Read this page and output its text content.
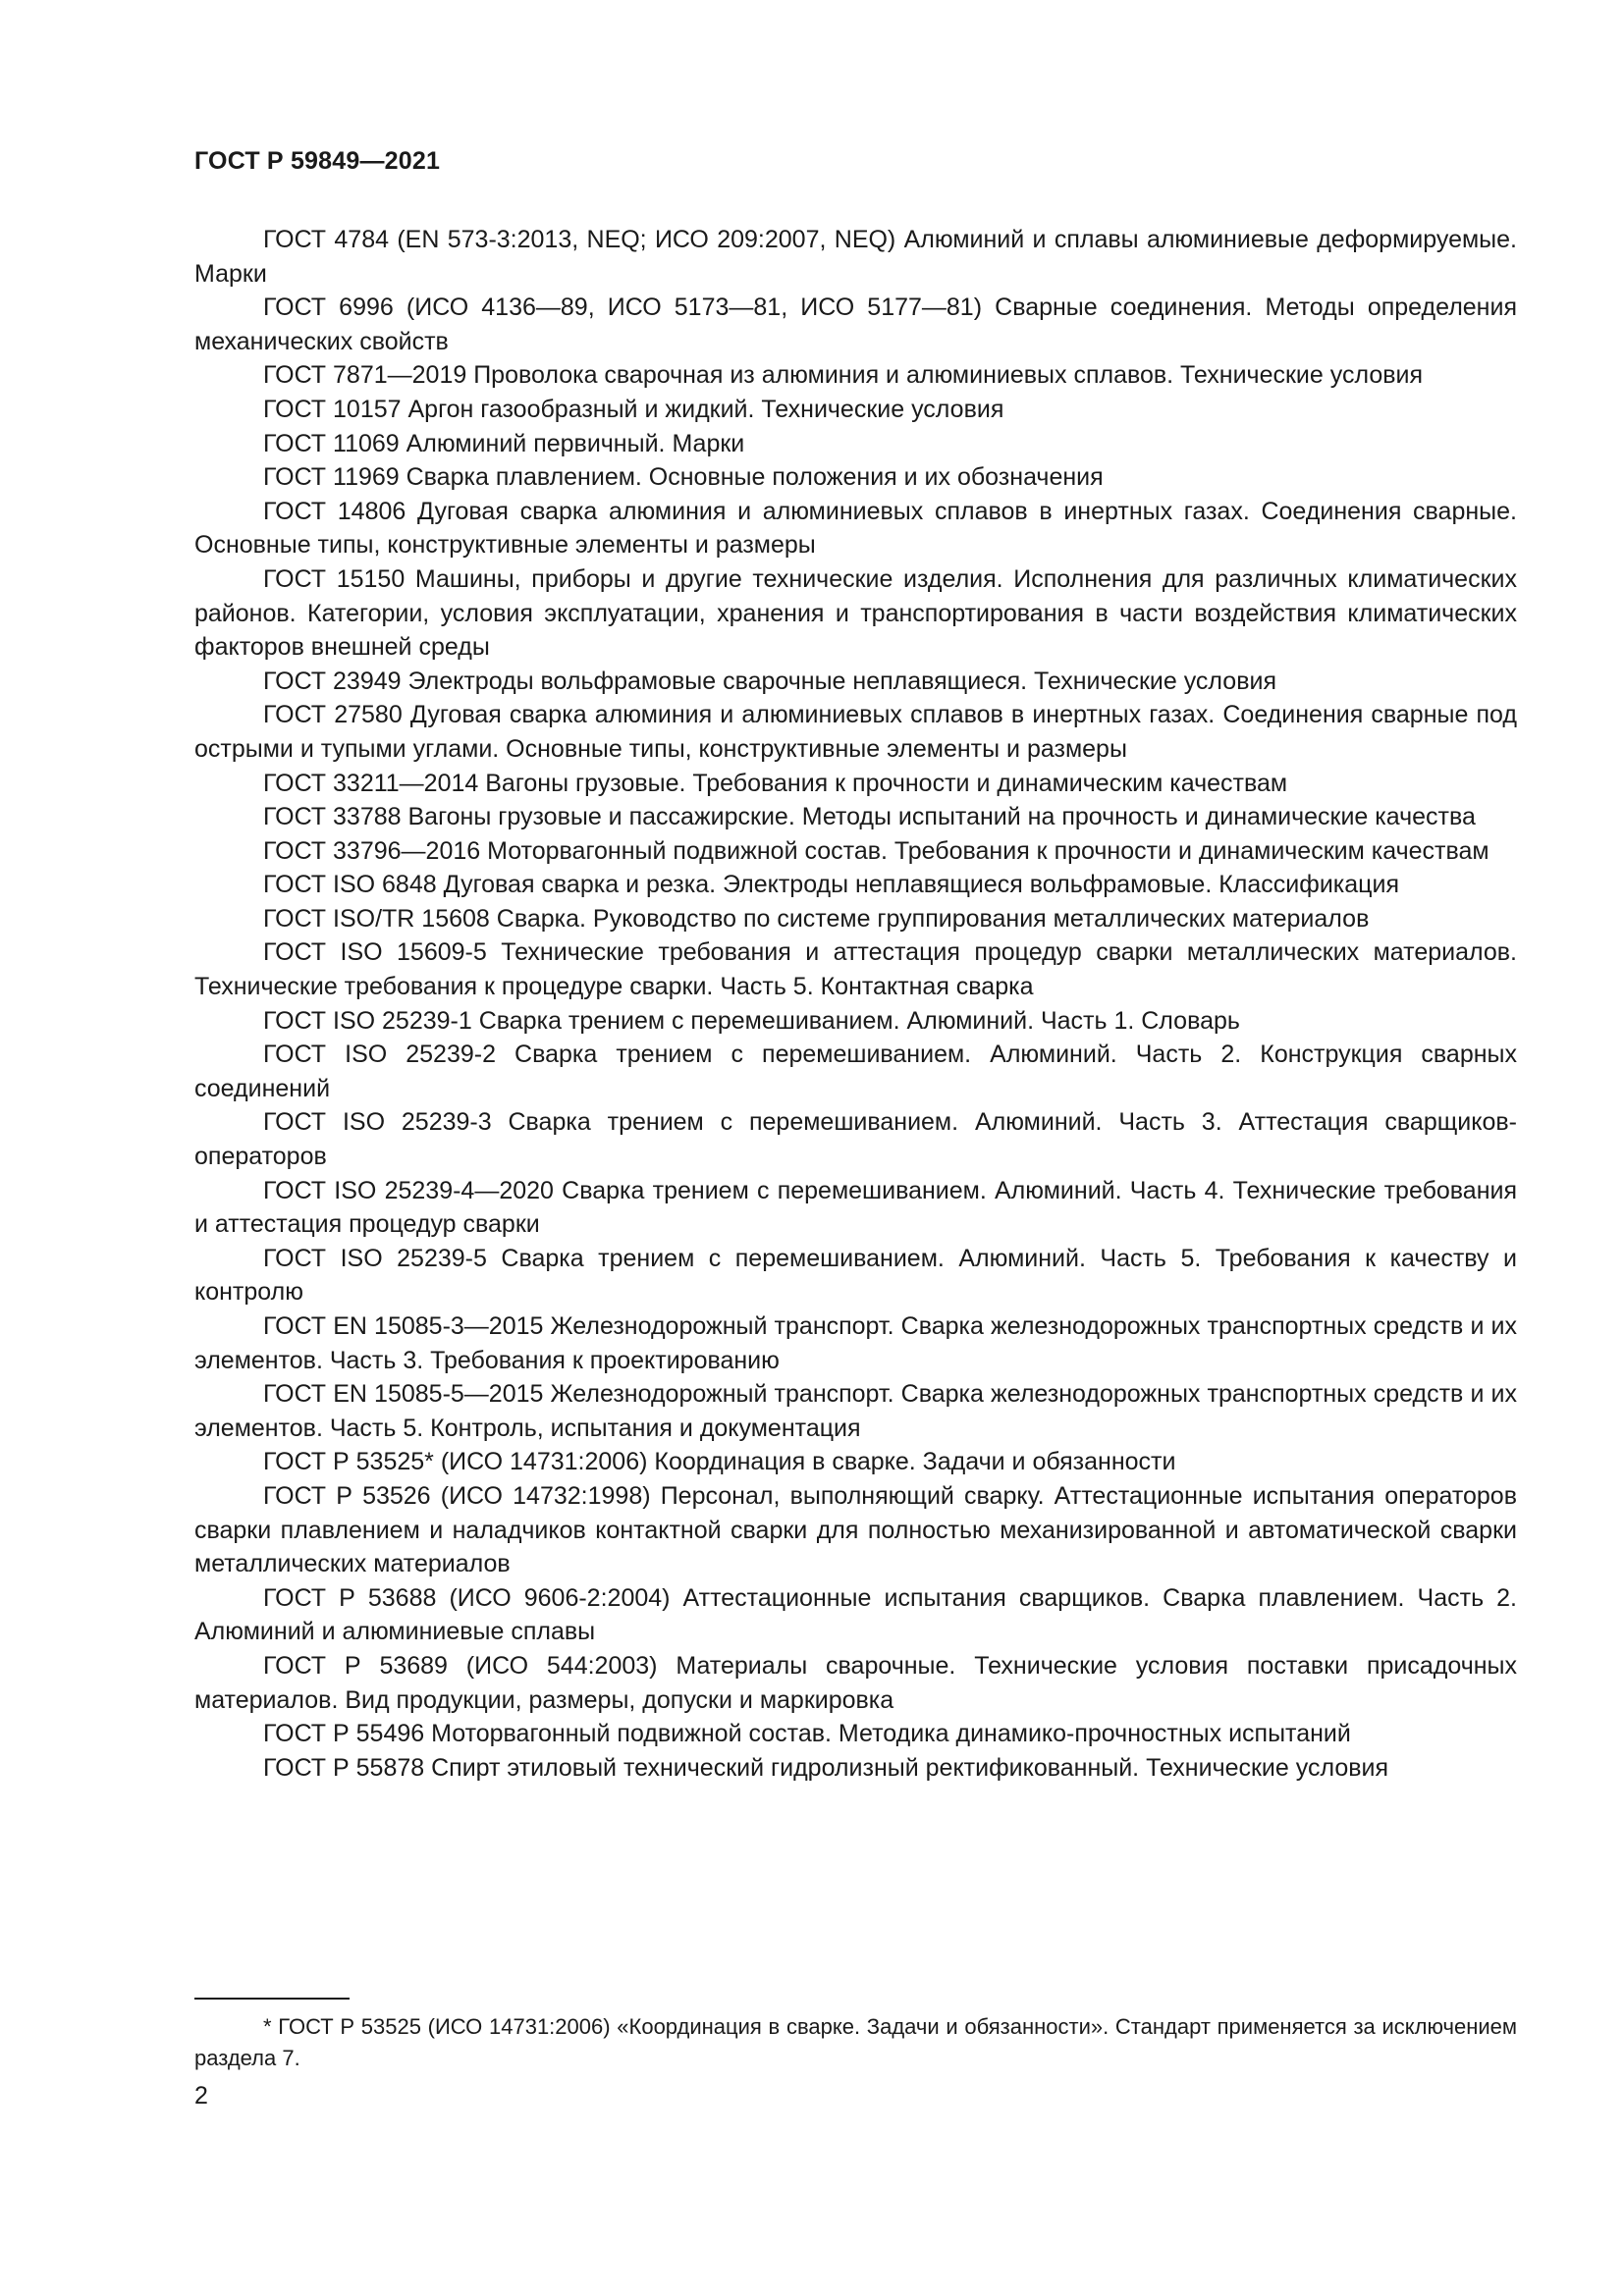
ГОСТ Р 59849—2021

ГОСТ 4784 (EN 573-3:2013, NEQ; ИСО 209:2007, NEQ) Алюминий и сплавы алюминиевые деформируемые. Марки

ГОСТ 6996 (ИСО 4136—89, ИСО 5173—81, ИСО 5177—81) Сварные соединения. Методы определения механических свойств

ГОСТ 7871—2019 Проволока сварочная из алюминия и алюминиевых сплавов. Технические условия

ГОСТ 10157 Аргон газообразный и жидкий. Технические условия

ГОСТ 11069 Алюминий первичный. Марки

ГОСТ 11969 Сварка плавлением. Основные положения и их обозначения

ГОСТ 14806 Дуговая сварка алюминия и алюминиевых сплавов в инертных газах. Соединения сварные. Основные типы, конструктивные элементы и размеры

ГОСТ 15150 Машины, приборы и другие технические изделия. Исполнения для различных климатических районов. Категории, условия эксплуатации, хранения и транспортирования в части воздействия климатических факторов внешней среды

ГОСТ 23949 Электроды вольфрамовые сварочные неплавящиеся. Технические условия

ГОСТ 27580 Дуговая сварка алюминия и алюминиевых сплавов в инертных газах. Соединения сварные под острыми и тупыми углами. Основные типы, конструктивные элементы и размеры

ГОСТ 33211—2014 Вагоны грузовые. Требования к прочности и динамическим качествам

ГОСТ 33788 Вагоны грузовые и пассажирские. Методы испытаний на прочность и динамические качества

ГОСТ 33796—2016 Моторвагонный подвижной состав. Требования к прочности и динамическим качествам

ГОСТ ISO 6848 Дуговая сварка и резка. Электроды неплавящиеся вольфрамовые. Классификация

ГОСТ ISO/TR 15608 Сварка. Руководство по системе группирования металлических материалов

ГОСТ ISO 15609-5 Технические требования и аттестация процедур сварки металлических материалов. Технические требования к процедуре сварки. Часть 5. Контактная сварка

ГОСТ ISO 25239-1 Сварка трением с перемешиванием. Алюминий. Часть 1. Словарь

ГОСТ ISO 25239-2 Сварка трением с перемешиванием. Алюминий. Часть 2. Конструкция сварных соединений

ГОСТ ISO 25239-3 Сварка трением с перемешиванием. Алюминий. Часть 3. Аттестация сварщиков-операторов

ГОСТ ISO 25239-4—2020 Сварка трением с перемешиванием. Алюминий. Часть 4. Технические требования и аттестация процедур сварки

ГОСТ ISO 25239-5 Сварка трением с перемешиванием. Алюминий. Часть 5. Требования к качеству и контролю

ГОСТ EN 15085-3—2015 Железнодорожный транспорт. Сварка железнодорожных транспортных средств и их элементов. Часть 3. Требования к проектированию

ГОСТ EN 15085-5—2015 Железнодорожный транспорт. Сварка железнодорожных транспортных средств и их элементов. Часть 5. Контроль, испытания и документация

ГОСТ Р 53525* (ИСО 14731:2006) Координация в сварке. Задачи и обязанности

ГОСТ Р 53526 (ИСО 14732:1998) Персонал, выполняющий сварку. Аттестационные испытания операторов сварки плавлением и наладчиков контактной сварки для полностью механизированной и автоматической сварки металлических материалов

ГОСТ Р 53688 (ИСО 9606-2:2004) Аттестационные испытания сварщиков. Сварка плавлением. Часть 2. Алюминий и алюминиевые сплавы

ГОСТ Р 53689 (ИСО 544:2003) Материалы сварочные. Технические условия поставки присадочных материалов. Вид продукции, размеры, допуски и маркировка

ГОСТ Р 55496 Моторвагонный подвижной состав. Методика динамико-прочностных испытаний

ГОСТ Р 55878 Спирт этиловый технический гидролизный ректификованный. Технические условия

* ГОСТ Р 53525 (ИСО 14731:2006) «Координация в сварке. Задачи и обязанности». Стандарт применяется за исключением раздела 7.

2
